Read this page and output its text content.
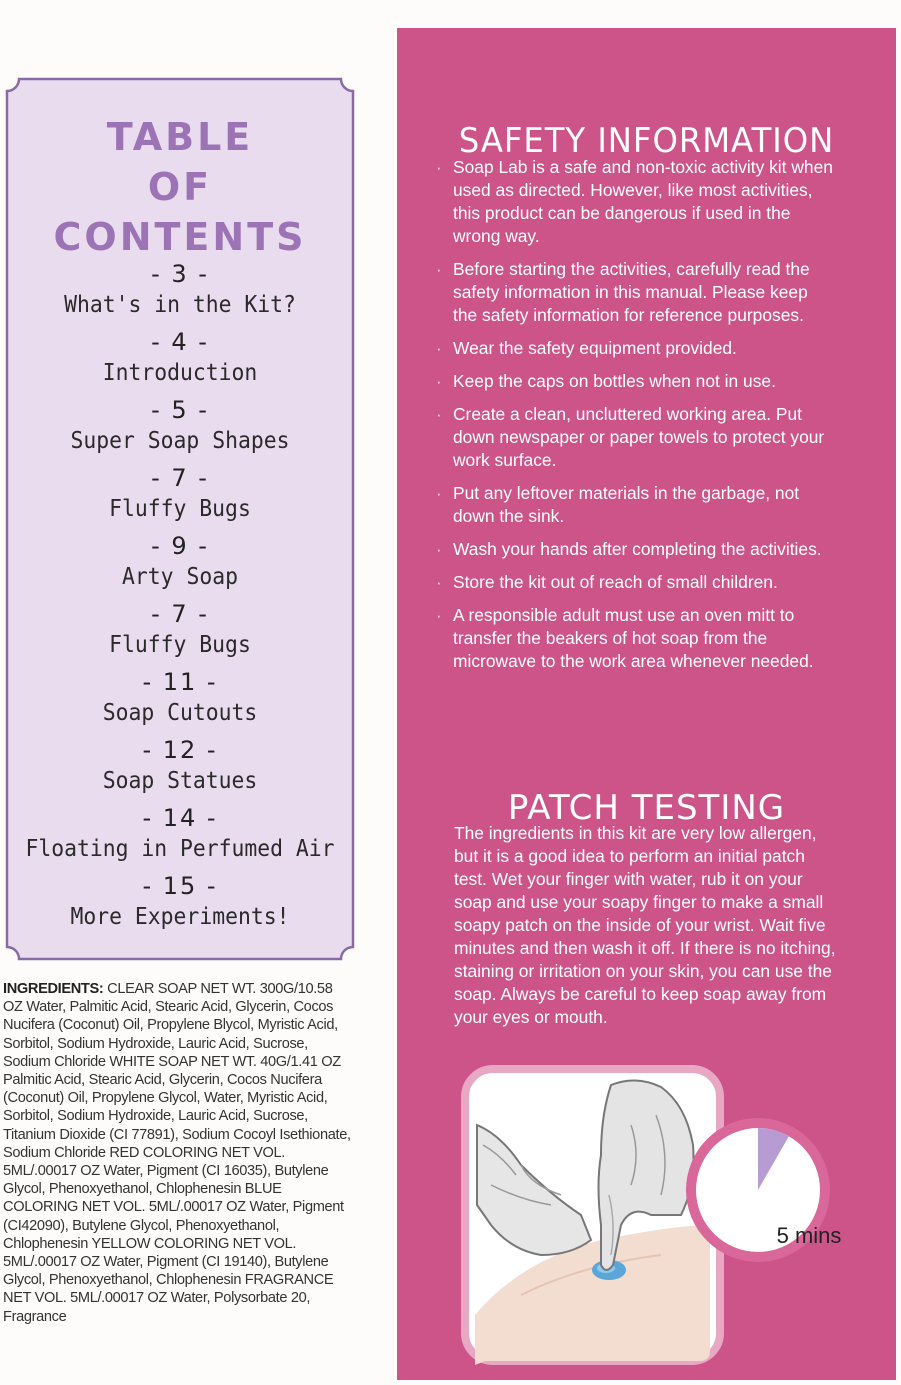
TABLE
OF
CONTENTS
- 3 -
What's in the Kit?
- 4 -
Introduction
- 5 -
Super Soap Shapes
- 7 -
Fluffy Bugs
- 9 -
Arty Soap
- 7 -
Fluffy Bugs
- 11 -
Soap Cutouts
- 12 -
Soap Statues
- 14 -
Floating in Perfumed Air
- 15 -
More Experiments!
INGREDIENTS: CLEAR SOAP NET WT. 300G/10.58 OZ Water, Palmitic Acid, Stearic Acid, Glycerin, Cocos Nucifera (Coconut) Oil, Propylene Blycol, Myristic Acid, Sorbitol, Sodium Hydroxide, Lauric Acid, Sucrose, Sodium Chloride WHITE SOAP NET WT. 40G/1.41 OZ Palmitic Acid, Stearic Acid, Glycerin, Cocos Nucifera (Coconut) Oil, Propylene Glycol, Water, Myristic Acid, Sorbitol, Sodium Hydroxide, Lauric Acid, Sucrose, Titanium Dioxide (CI 77891), Sodium Cocoyl Isethionate, Sodium Chloride RED COLORING NET VOL. 5ML/.00017 OZ Water, Pigment (CI 16035), Butylene Glycol, Phenoxyethanol, Chlophenesin BLUE COLORING NET VOL. 5ML/.00017 OZ Water, Pigment (CI42090), Butylene Glycol, Phenoxyethanol, Chlophenesin YELLOW COLORING NET VOL. 5ML/.00017 OZ Water, Pigment (CI 19140), Butylene Glycol, Phenoxyethanol, Chlophenesin FRAGRANCE NET VOL. 5ML/.00017 OZ Water, Polysorbate 20, Fragrance
SAFETY INFORMATION
· Soap Lab is a safe and non-toxic activity kit when used as directed. However, like most activities, this product can be dangerous if used in the wrong way.
· Before starting the activities, carefully read the safety information in this manual. Please keep the safety information for reference purposes.
· Wear the safety equipment provided.
· Keep the caps on bottles when not in use.
· Create a clean, uncluttered working area. Put down newspaper or paper towels to protect your work surface.
· Put any leftover materials in the garbage, not down the sink.
· Wash your hands after completing the activities.
· Store the kit out of reach of small children.
· A responsible adult must use an oven mitt to transfer the beakers of hot soap from the microwave to the work area whenever needed.
PATCH TESTING
The ingredients in this kit are very low allergen, but it is a good idea to perform an initial patch test. Wet your finger with water, rub it on your soap and use your soapy finger to make a small soapy patch on the inside of your wrist. Wait five minutes and then wash it off. If there is no itching, staining or irritation on your skin, you can use the soap. Always be careful to keep soap away from your eyes or mouth.
5 mins
